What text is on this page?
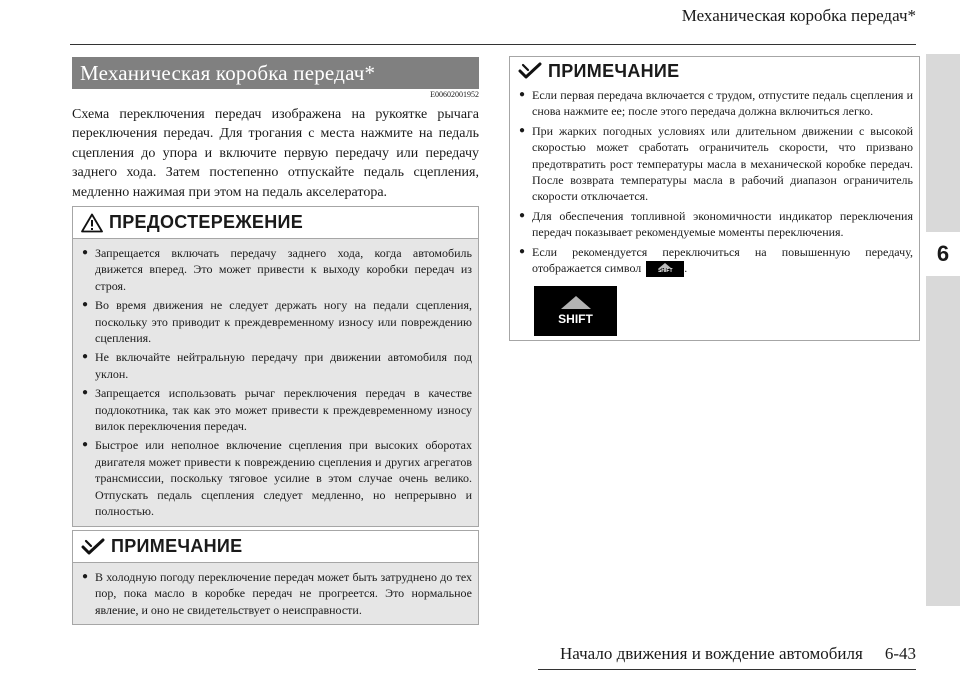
Механическая коробка передач*
6
Механическая коробка передач*
E00602001952
Схема переключения передач изображена на рукоятке рычага переключения передач. Для трогания с места нажмите на педаль сцепления до упора и включите первую передачу или передачу заднего хода. Затем постепенно отпускайте педаль сцепления, медленно нажимая при этом на педаль акселератора.
ПРЕДОСТЕРЕЖЕНИЕ
● Запрещается включать передачу заднего хода, когда автомобиль движется вперед. Это может привести к выходу коробки передач из строя.
● Во время движения не следует держать ногу на педали сцепления, поскольку это приводит к преждевременному износу или повреждению сцепления.
● Не включайте нейтральную передачу при движении автомобиля под уклон.
● Запрещается использовать рычаг переключения передач в качестве подлокотника, так как это может привести к преждевременному износу вилок переключения передач.
● Быстрое или неполное включение сцепления при высоких оборотах двигателя может привести к повреждению сцепления и других агрегатов трансмиссии, поскольку тяговое усилие в этом случае очень велико. Отпускать педаль сцепления следует медленно, но непрерывно и полностью.
ПРИМЕЧАНИЕ
● В холодную погоду переключение передач может быть затруднено до тех пор, пока масло в коробке передач не прогреется. Это нормальное явление, и оно не свидетельствует о неисправности.
ПРИМЕЧАНИЕ
● Если первая передача включается с трудом, отпустите педаль сцепления и снова нажмите ее; после этого передача должна включиться легко.
● При жарких погодных условиях или длительном движении с высокой скоростью может сработать ограничитель скорости, что призвано предотвратить рост температуры масла в механической коробке передач. После возврата температуры масла в рабочий диапазон ограничитель скорости отключается.
● Для обеспечения топливной экономичности индикатор переключения передач показывает рекомендуемые моменты переключения.
● Если рекомендуется переключиться на повышенную передачу, отображается символ	SHIFT .
SHIFT
Начало движения и вождение автомобиля 6-43
